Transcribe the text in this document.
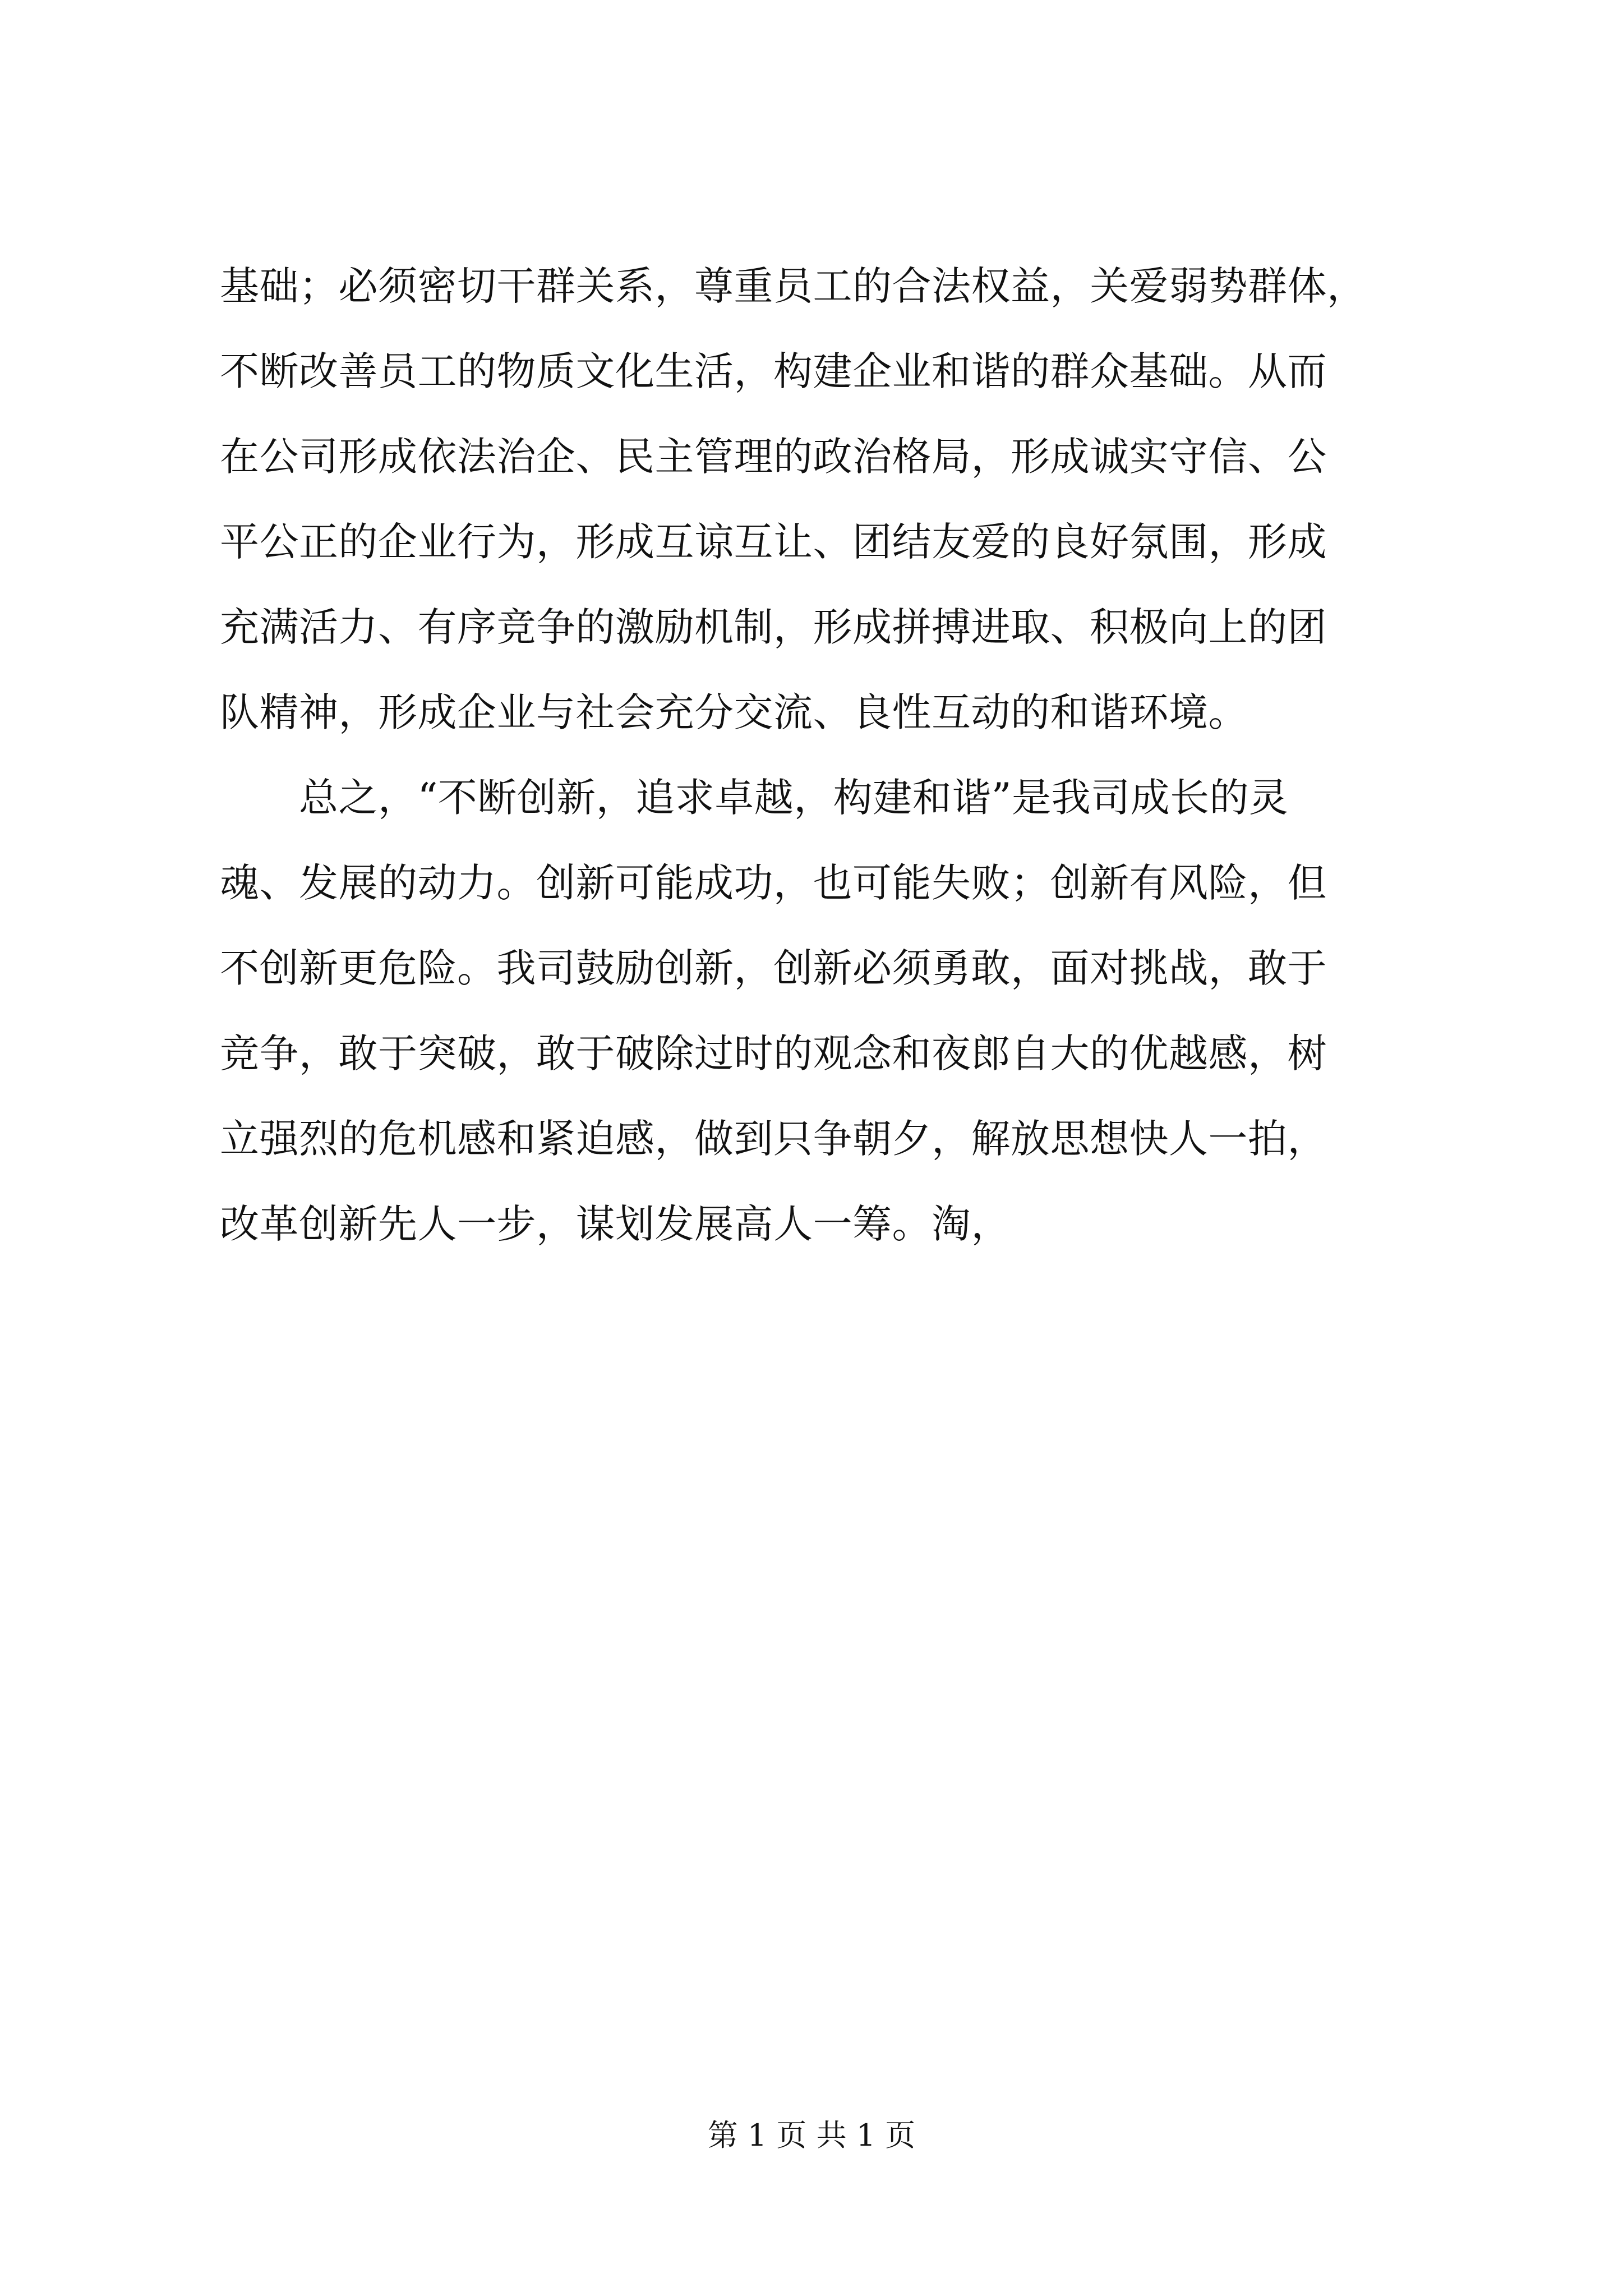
基础；必须密切干群关系，尊重员工的合法权益，关爱弱势群体，
不断改善员工的物质文化生活，构建企业和谐的群众基础。从而
在公司形成依法治企、民主管理的政治格局，形成诚实守信、公
平公正的企业行为，形成互谅互让、团结友爱的良好氛围，形成
充满活力、有序竞争的激励机制，形成拼搏进取、积极向上的团
队精神，形成企业与社会充分交流、良性互动的和谐环境。
　　总之，“不断创新，追求卓越，构建和谐”是我司成长的灵
魂、发展的动力。创新可能成功，也可能失败；创新有风险，但
不创新更危险。我司鼓励创新，创新必须勇敢，面对挑战，敢于
竞争，敢于突破，敢于破除过时的观念和夜郎自大的优越感，树
立强烈的危机感和紧迫感，做到只争朝夕，解放思想快人一拍，
改革创新先人一步，谋划发展高人一筹。淘，
第 1 页 共 1 页
